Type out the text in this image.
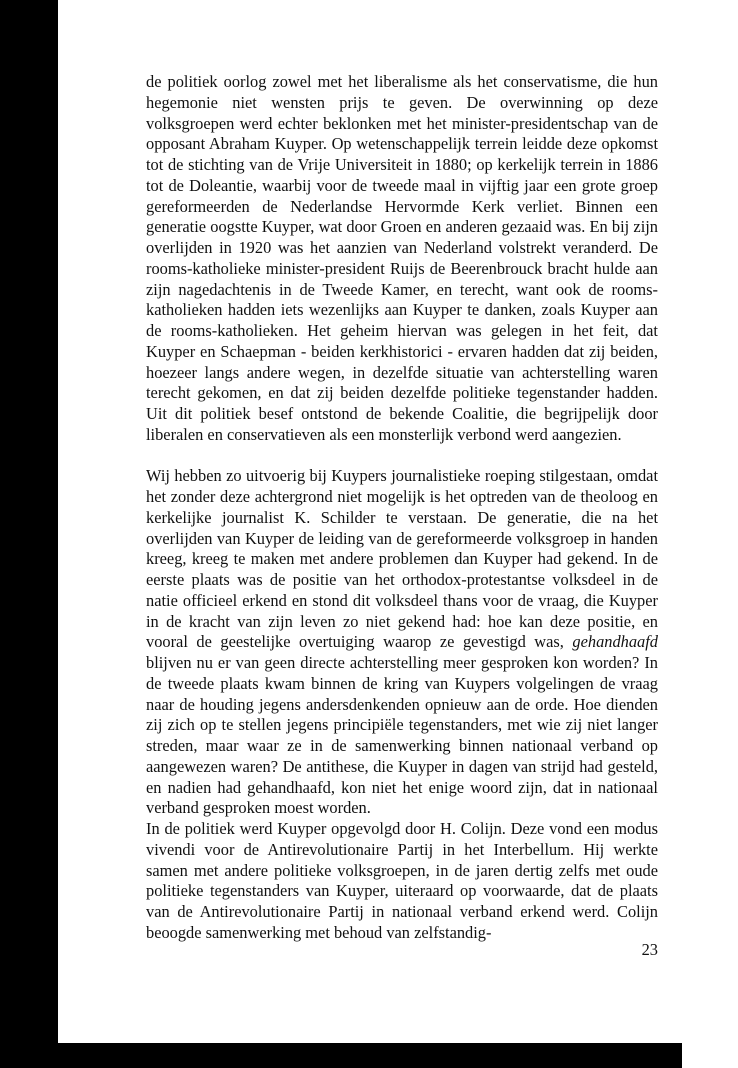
de politiek oorlog zowel met het liberalisme als het conservatisme, die hun hegemonie niet wensten prijs te geven. De overwinning op deze volksgroepen werd echter beklonken met het minister-presidentschap van de opposant Abraham Kuyper. Op wetenschappelijk terrein leidde deze opkomst tot de stichting van de Vrije Universiteit in 1880; op kerkelijk terrein in 1886 tot de Doleantie, waarbij voor de tweede maal in vijftig jaar een grote groep gereformeerden de Nederlandse Hervormde Kerk verliet. Binnen een generatie oogstte Kuyper, wat door Groen en anderen gezaaid was. En bij zijn overlijden in 1920 was het aanzien van Nederland volstrekt veranderd. De rooms-katholieke minister-president Ruijs de Beerenbrouck bracht hulde aan zijn nagedachtenis in de Tweede Kamer, en terecht, want ook de rooms-katholieken hadden iets wezenlijks aan Kuyper te danken, zoals Kuyper aan de rooms-katholieken. Het geheim hiervan was gelegen in het feit, dat Kuyper en Schaepman - beiden kerkhistorici - ervaren hadden dat zij beiden, hoezeer langs andere wegen, in dezelfde situatie van achterstelling waren terecht gekomen, en dat zij beiden dezelfde politieke tegenstander hadden. Uit dit politiek besef ontstond de bekende Coalitie, die begrijpelijk door liberalen en conservatieven als een monsterlijk verbond werd aangezien.

Wij hebben zo uitvoerig bij Kuypers journalistieke roeping stilgestaan, omdat het zonder deze achtergrond niet mogelijk is het optreden van de theoloog en kerkelijke journalist K. Schilder te verstaan. De generatie, die na het overlijden van Kuyper de leiding van de gereformeerde volksgroep in handen kreeg, kreeg te maken met andere problemen dan Kuyper had gekend. In de eerste plaats was de positie van het orthodox-protestantse volksdeel in de natie officieel erkend en stond dit volksdeel thans voor de vraag, die Kuyper in de kracht van zijn leven zo niet gekend had: hoe kan deze positie, en vooral de geestelijke overtuiging waarop ze gevestigd was, gehandhaafd blijven nu er van geen directe achterstelling meer gesproken kon worden? In de tweede plaats kwam binnen de kring van Kuypers volgelingen de vraag naar de houding jegens andersdenkenden opnieuw aan de orde. Hoe dienden zij zich op te stellen jegens principiële tegenstanders, met wie zij niet langer streden, maar waar ze in de samenwerking binnen nationaal verband op aangewezen waren? De antithese, die Kuyper in dagen van strijd had gesteld, en nadien had gehandhaafd, kon niet het enige woord zijn, dat in nationaal verband gesproken moest worden.

In de politiek werd Kuyper opgevolgd door H. Colijn. Deze vond een modus vivendi voor de Antirevolutionaire Partij in het Interbellum. Hij werkte samen met andere politieke volksgroepen, in de jaren dertig zelfs met oude politieke tegenstanders van Kuyper, uiteraard op voorwaarde, dat de plaats van de Antirevolutionaire Partij in nationaal verband erkend werd. Colijn beoogde samenwerking met behoud van zelfstandig-

23
